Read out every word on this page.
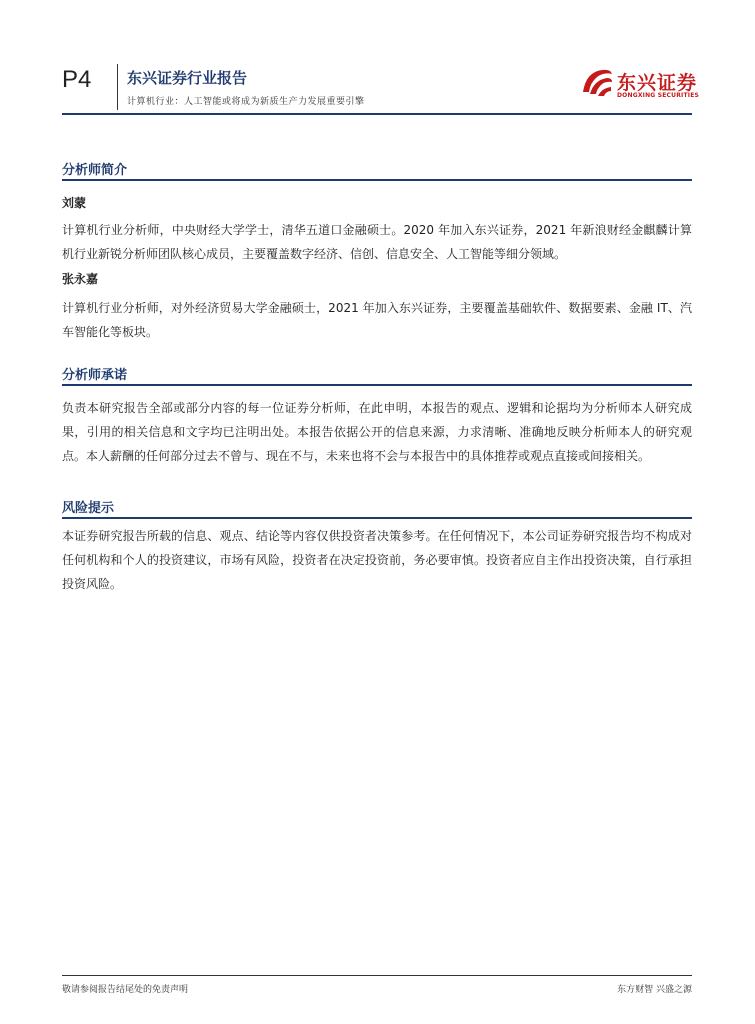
P4 东兴证券行业报告
计算机行业：人工智能或将成为新质生产力发展重要引擎
东兴证券
DONGXING SECURITIES
分析师简介
刘蒙
计算机行业分析师，中央财经大学学士，清华五道口金融硕士。2020 年加入东兴证券，2021 年新浪财经金麒麟计算机行业新锐分析师团队核心成员，主要覆盖数字经济、信创、信息安全、人工智能等细分领域。
张永嘉
计算机行业分析师，对外经济贸易大学金融硕士，2021 年加入东兴证券，主要覆盖基础软件、数据要素、金融 IT、汽车智能化等板块。
分析师承诺
负责本研究报告全部或部分内容的每一位证券分析师，在此申明，本报告的观点、逻辑和论据均为分析师本人研究成果，引用的相关信息和文字均已注明出处。本报告依据公开的信息来源，力求清晰、准确地反映分析师本人的研究观点。本人薪酬的任何部分过去不曾与、现在不与，未来也将不会与本报告中的具体推荐或观点直接或间接相关。
风险提示
本证券研究报告所载的信息、观点、结论等内容仅供投资者决策参考。在任何情况下，本公司证券研究报告均不构成对任何机构和个人的投资建议，市场有风险，投资者在决定投资前，务必要审慎。投资者应自主作出投资决策，自行承担投资风险。
敬请参阅报告结尾处的免责声明	东方财智 兴盛之源
